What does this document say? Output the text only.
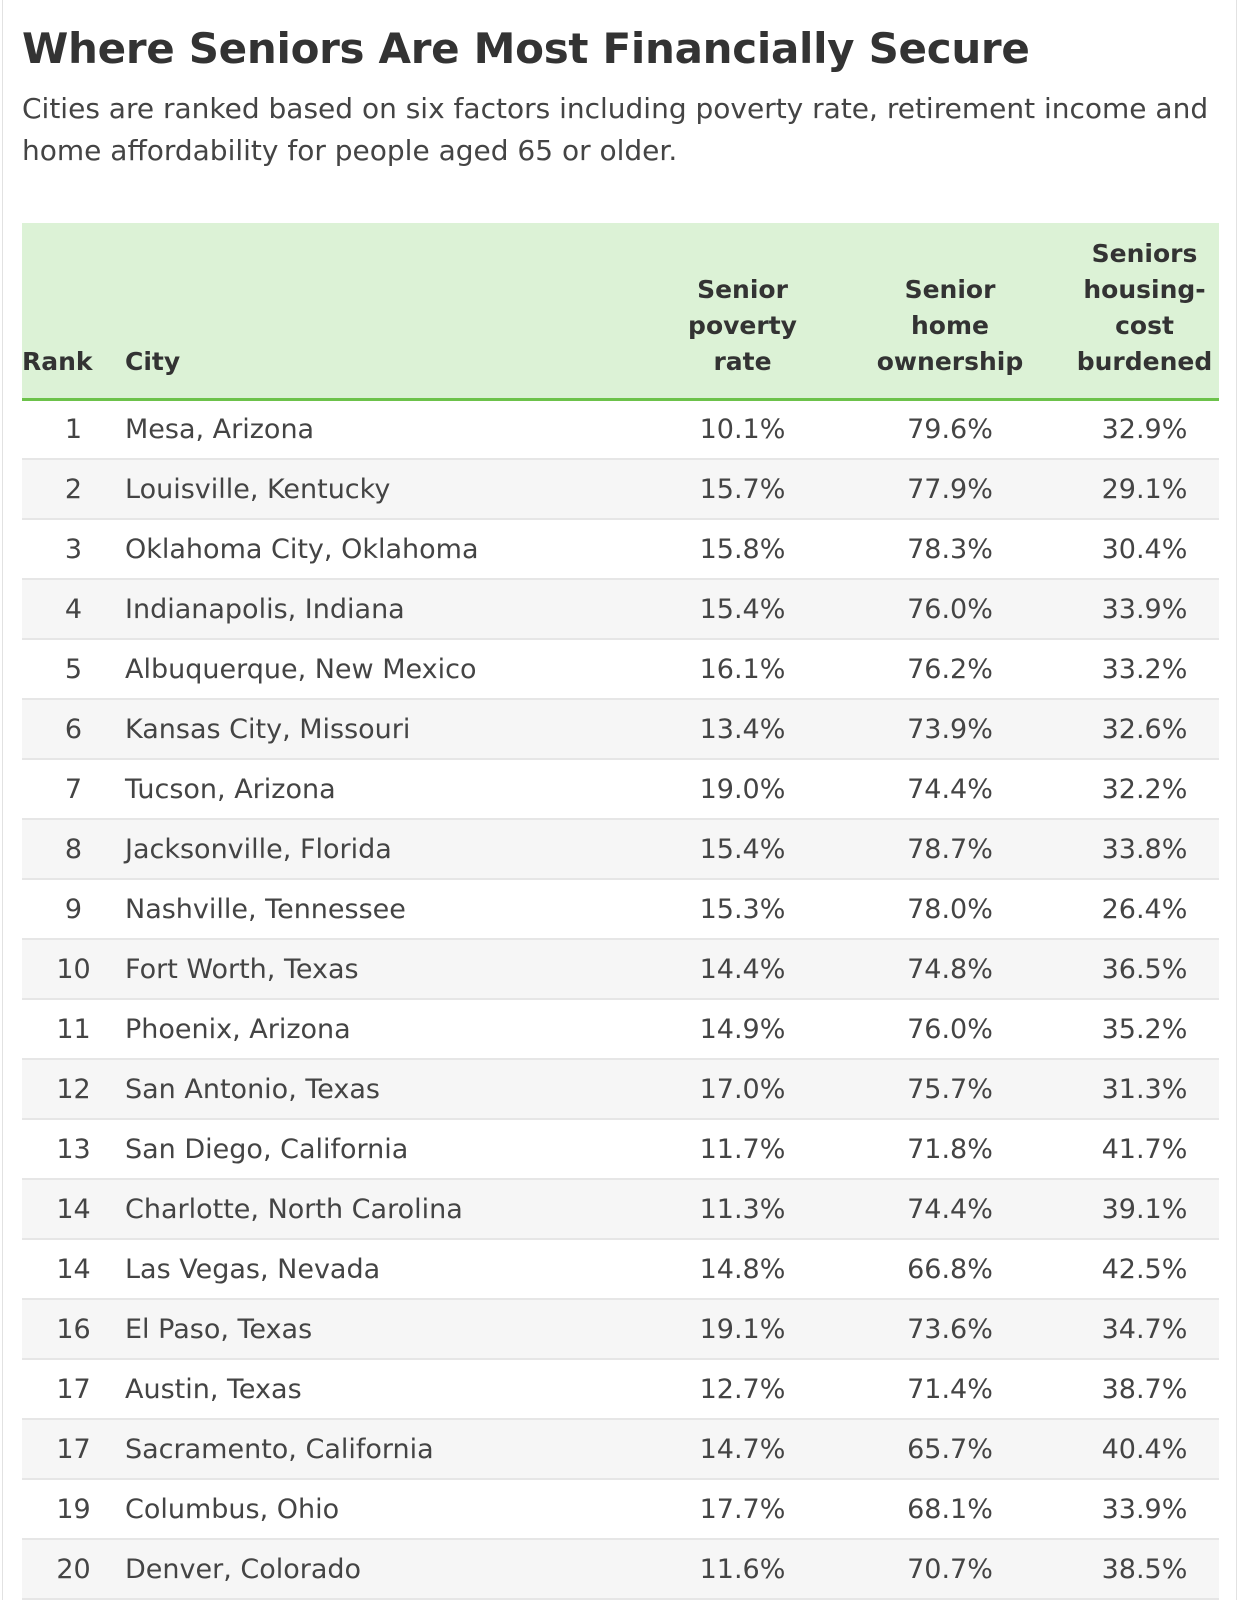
Where Seniors Are Most Financially Secure

Cities are ranked based on six factors including poverty rate, retirement income and home affordability for people aged 65 or older.

Rank	City	Senior
poverty
rate	Senior
home
ownership	Seniors
housing-
cost
burdened
1	Mesa, Arizona	10.1%	79.6%	32.9%
2	Louisville, Kentucky	15.7%	77.9%	29.1%
3	Oklahoma City, Oklahoma	15.8%	78.3%	30.4%
4	Indianapolis, Indiana	15.4%	76.0%	33.9%
5	Albuquerque, New Mexico	16.1%	76.2%	33.2%
6	Kansas City, Missouri	13.4%	73.9%	32.6%
7	Tucson, Arizona	19.0%	74.4%	32.2%
8	Jacksonville, Florida	15.4%	78.7%	33.8%
9	Nashville, Tennessee	15.3%	78.0%	26.4%
10	Fort Worth, Texas	14.4%	74.8%	36.5%
11	Phoenix, Arizona	14.9%	76.0%	35.2%
12	San Antonio, Texas	17.0%	75.7%	31.3%
13	San Diego, California	11.7%	71.8%	41.7%
14	Charlotte, North Carolina	11.3%	74.4%	39.1%
14	Las Vegas, Nevada	14.8%	66.8%	42.5%
16	El Paso, Texas	19.1%	73.6%	34.7%
17	Austin, Texas	12.7%	71.4%	38.7%
17	Sacramento, California	14.7%	65.7%	40.4%
19	Columbus, Ohio	17.7%	68.1%	33.9%
20	Denver, Colorado	11.6%	70.7%	38.5%
